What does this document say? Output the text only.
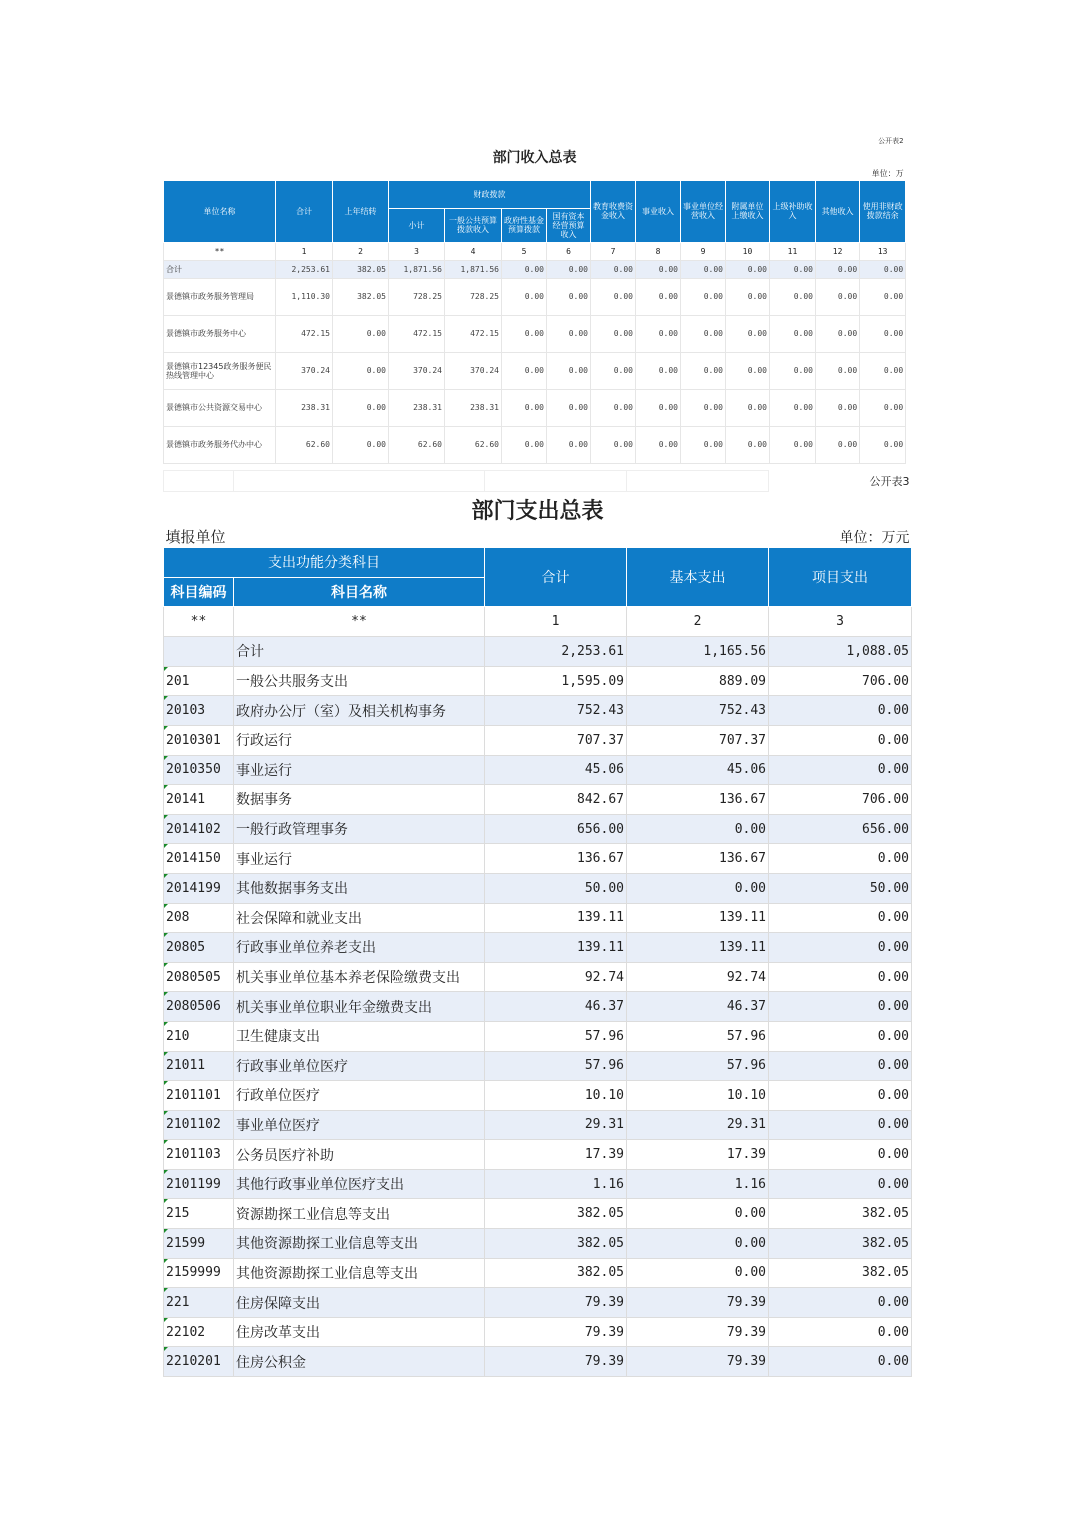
													公开表2
部门收入总表													
单位：万													
单位名称	合计	上年结转	财政拨款				教育收费资金收入	事业收入	事业单位经营收入	附属单位上缴收入	上级补助收入	其他收入	使用非财政拨款结余
			小计	一般公共预算拨款收入	政府性基金预算拨款	国有资本经营预算收入							
**	1	2	3	4	5	6	7	8	9	10	11	12	13
合计	2,253.61	382.05	1,871.56	1,871.56	0.00	0.00	0.00	0.00	0.00	0.00	0.00	0.00	0.00
景德镇市政务服务管理局	1,110.30	382.05	728.25	728.25	0.00	0.00	0.00	0.00	0.00	0.00	0.00	0.00	0.00
景德镇市政务服务中心	472.15	0.00	472.15	472.15	0.00	0.00	0.00	0.00	0.00	0.00	0.00	0.00	0.00
景德镇市12345政务服务便民热线管理中心	370.24	0.00	370.24	370.24	0.00	0.00	0.00	0.00	0.00	0.00	0.00	0.00	0.00
景德镇市公共资源交易中心	238.31	0.00	238.31	238.31	0.00	0.00	0.00	0.00	0.00	0.00	0.00	0.00	0.00
景德镇市政务服务代办中心	62.60	0.00	62.60	62.60	0.00	0.00	0.00	0.00	0.00	0.00	0.00	0.00	0.00
				公开表3
部门支出总表				
填报单位				单位：万元
支出功能分类科目		合计	基本支出	项目支出
科目编码	科目名称			
**	**	1	2	3
	合计	2,253.61	1,165.56	1,088.05
201	一般公共服务支出	1,595.09	889.09	706.00
20103	政府办公厅（室）及相关机构事务	752.43	752.43	0.00
2010301	行政运行	707.37	707.37	0.00
2010350	事业运行	45.06	45.06	0.00
20141	数据事务	842.67	136.67	706.00
2014102	一般行政管理事务	656.00	0.00	656.00
2014150	事业运行	136.67	136.67	0.00
2014199	其他数据事务支出	50.00	0.00	50.00
208	社会保障和就业支出	139.11	139.11	0.00
20805	行政事业单位养老支出	139.11	139.11	0.00
2080505	机关事业单位基本养老保险缴费支出	92.74	92.74	0.00
2080506	机关事业单位职业年金缴费支出	46.37	46.37	0.00
210	卫生健康支出	57.96	57.96	0.00
21011	行政事业单位医疗	57.96	57.96	0.00
2101101	行政单位医疗	10.10	10.10	0.00
2101102	事业单位医疗	29.31	29.31	0.00
2101103	公务员医疗补助	17.39	17.39	0.00
2101199	其他行政事业单位医疗支出	1.16	1.16	0.00
215	资源勘探工业信息等支出	382.05	0.00	382.05
21599	其他资源勘探工业信息等支出	382.05	0.00	382.05
2159999	其他资源勘探工业信息等支出	382.05	0.00	382.05
221	住房保障支出	79.39	79.39	0.00
22102	住房改革支出	79.39	79.39	0.00
2210201	住房公积金	79.39	79.39	0.00
